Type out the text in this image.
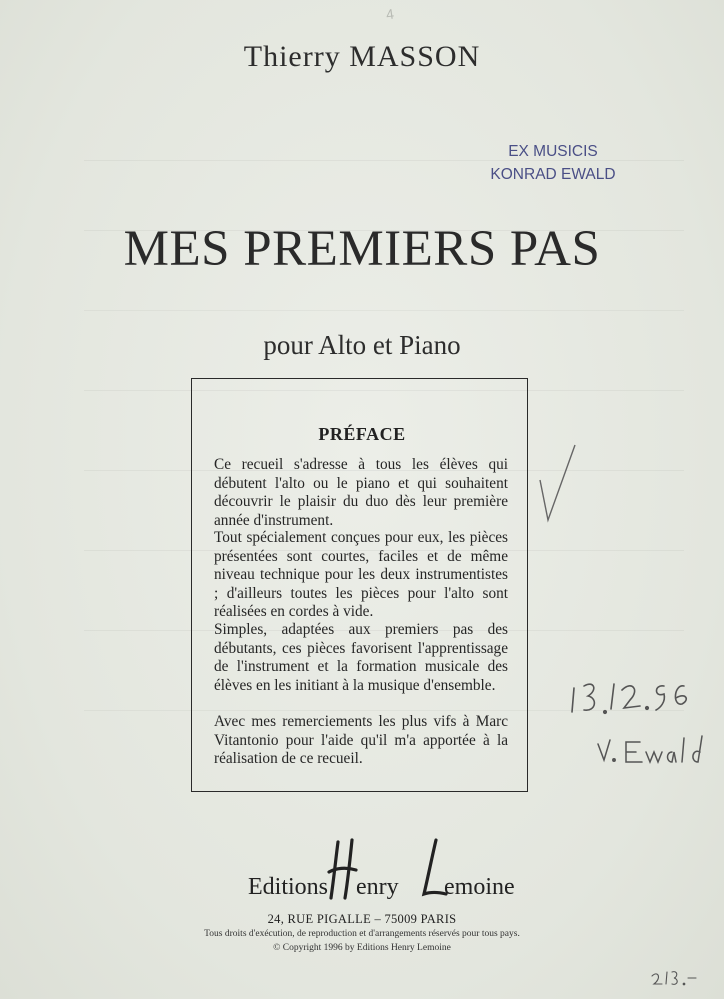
4
Thierry MASSON
EX MUSICIS
KONRAD EWALD
MES PREMIERS PAS
pour Alto et Piano
PRÉFACE
Ce recueil s'adresse à tous les élèves qui débutent l'alto ou le piano et qui souhaitent découvrir le plaisir du duo dès leur première année d'instrument.
Tout spécialement conçues pour eux, les pièces présentées sont courtes, faciles et de même niveau technique pour les deux instrumentistes ; d'ailleurs toutes les pièces pour l'alto sont réalisées en cordes à vide.
Simples, adaptées aux premiers pas des débutants, ces pièces favorisent l'apprentissage de l'instrument et la formation musicale des élèves en les initiant à la musique d'ensemble.
Avec mes remerciements les plus vifs à Marc Vitantonio pour l'aide qu'il m'a apportée à la réalisation de ce recueil.
Editions enry emoine
24, RUE PIGALLE – 75009 PARIS
Tous droits d'exécution, de reproduction et d'arrangements réservés pour tous pays.
© Copyright 1996 by Editions Henry Lemoine
